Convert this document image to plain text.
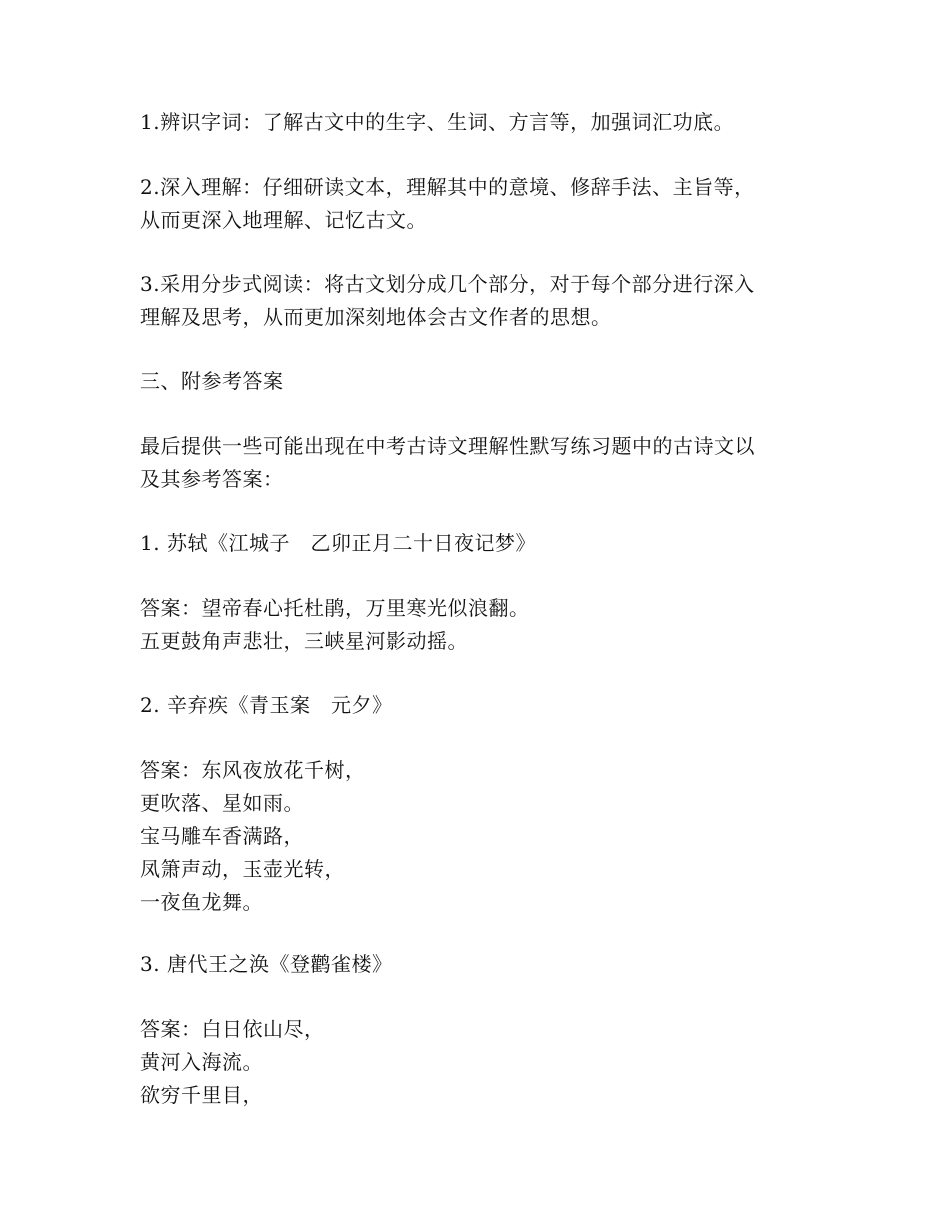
1.辨识字词：了解古文中的生字、生词、方言等，加强词汇功底。
2.深入理解：仔细研读文本，理解其中的意境、修辞手法、主旨等，
从而更深入地理解、记忆古文。
3.采用分步式阅读：将古文划分成几个部分，对于每个部分进行深入
理解及思考，从而更加深刻地体会古文作者的思想。
三、附参考答案
最后提供一些可能出现在中考古诗文理解性默写练习题中的古诗文以
及其参考答案：
1. 苏轼《江城子　乙卯正月二十日夜记梦》
答案：望帝春心托杜鹃，万里寒光似浪翻。
五更鼓角声悲壮，三峡星河影动摇。
2. 辛弃疾《青玉案　元夕》
答案：东风夜放花千树，
更吹落、星如雨。
宝马雕车香满路，
凤箫声动，玉壶光转，
一夜鱼龙舞。
3. 唐代王之涣《登鹳雀楼》
答案：白日依山尽，
黄河入海流。
欲穷千里目，
